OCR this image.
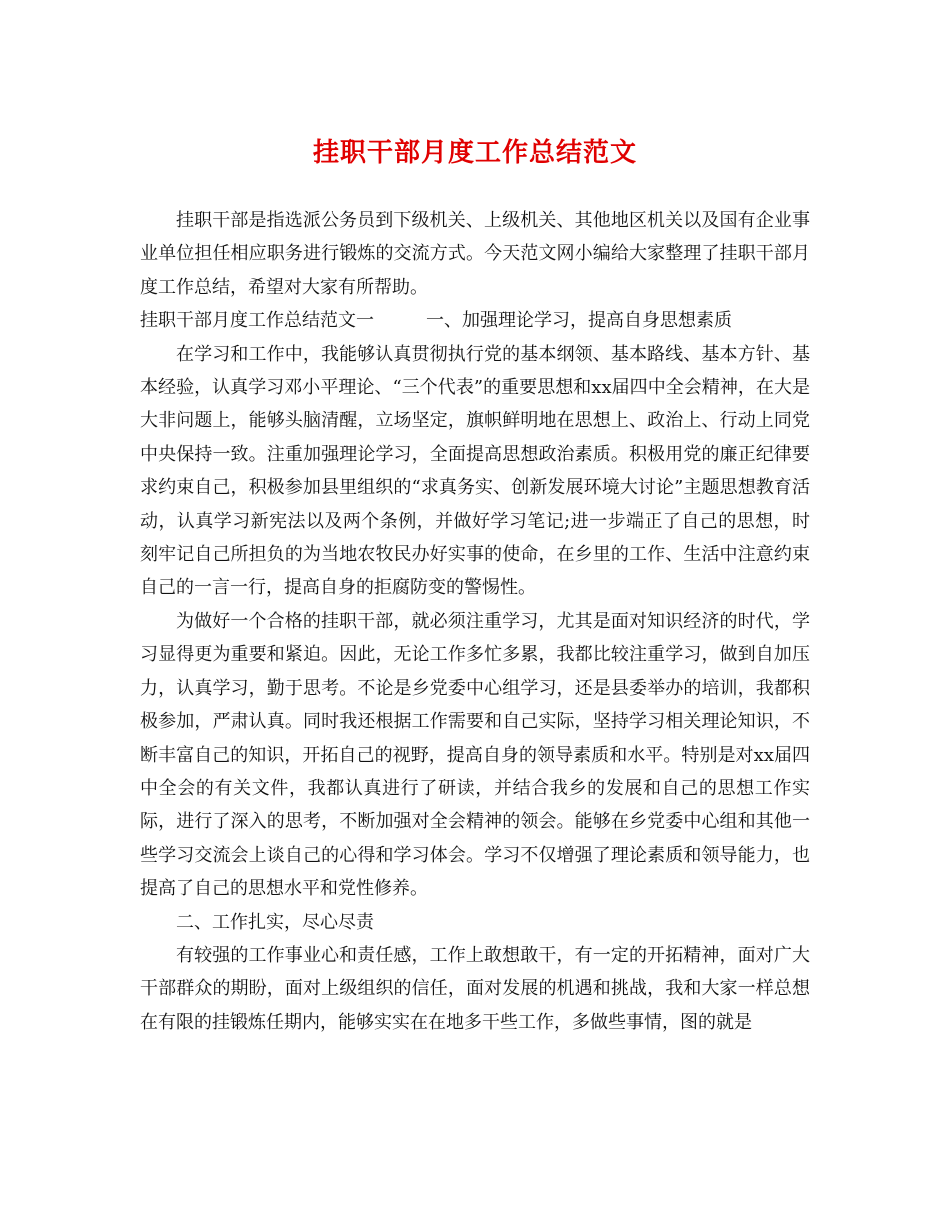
挂职干部月度工作总结范文

挂职干部是指选派公务员到下级机关、上级机关、其他地区机关以及国有企业事业单位担任相应职务进行锻炼的交流方式。今天范文网小编给大家整理了挂职干部月度工作总结，希望对大家有所帮助。

挂职干部月度工作总结范文一	一、加强理论学习，提高自身思想素质

在学习和工作中，我能够认真贯彻执行党的基本纲领、基本路线、基本方针、基本经验，认真学习邓小平理论、“三个代表”的重要思想和xx届四中全会精神，在大是大非问题上，能够头脑清醒，立场坚定，旗帜鲜明地在思想上、政治上、行动上同党中央保持一致。注重加强理论学习，全面提高思想政治素质。积极用党的廉正纪律要求约束自己，积极参加县里组织的“求真务实、创新发展环境大讨论”主题思想教育活动，认真学习新宪法以及两个条例，并做好学习笔记;进一步端正了自己的思想，时刻牢记自己所担负的为当地农牧民办好实事的使命，在乡里的工作、生活中注意约束自己的一言一行，提高自身的拒腐防变的警惕性。

为做好一个合格的挂职干部，就必须注重学习，尤其是面对知识经济的时代，学习显得更为重要和紧迫。因此，无论工作多忙多累，我都比较注重学习，做到自加压力，认真学习，勤于思考。不论是乡党委中心组学习，还是县委举办的培训，我都积极参加，严肃认真。同时我还根据工作需要和自己实际，坚持学习相关理论知识，不断丰富自己的知识，开拓自己的视野，提高自身的领导素质和水平。特别是对xx届四中全会的有关文件，我都认真进行了研读，并结合我乡的发展和自己的思想工作实际，进行了深入的思考，不断加强对全会精神的领会。能够在乡党委中心组和其他一些学习交流会上谈自己的心得和学习体会。学习不仅增强了理论素质和领导能力，也提高了自己的思想水平和党性修养。

二、工作扎实，尽心尽责

有较强的工作事业心和责任感，工作上敢想敢干，有一定的开拓精神，面对广大干部群众的期盼，面对上级组织的信任，面对发展的机遇和挑战，我和大家一样总想在有限的挂锻炼任期内，能够实实在在地多干些工作，多做些事情，图的就是
